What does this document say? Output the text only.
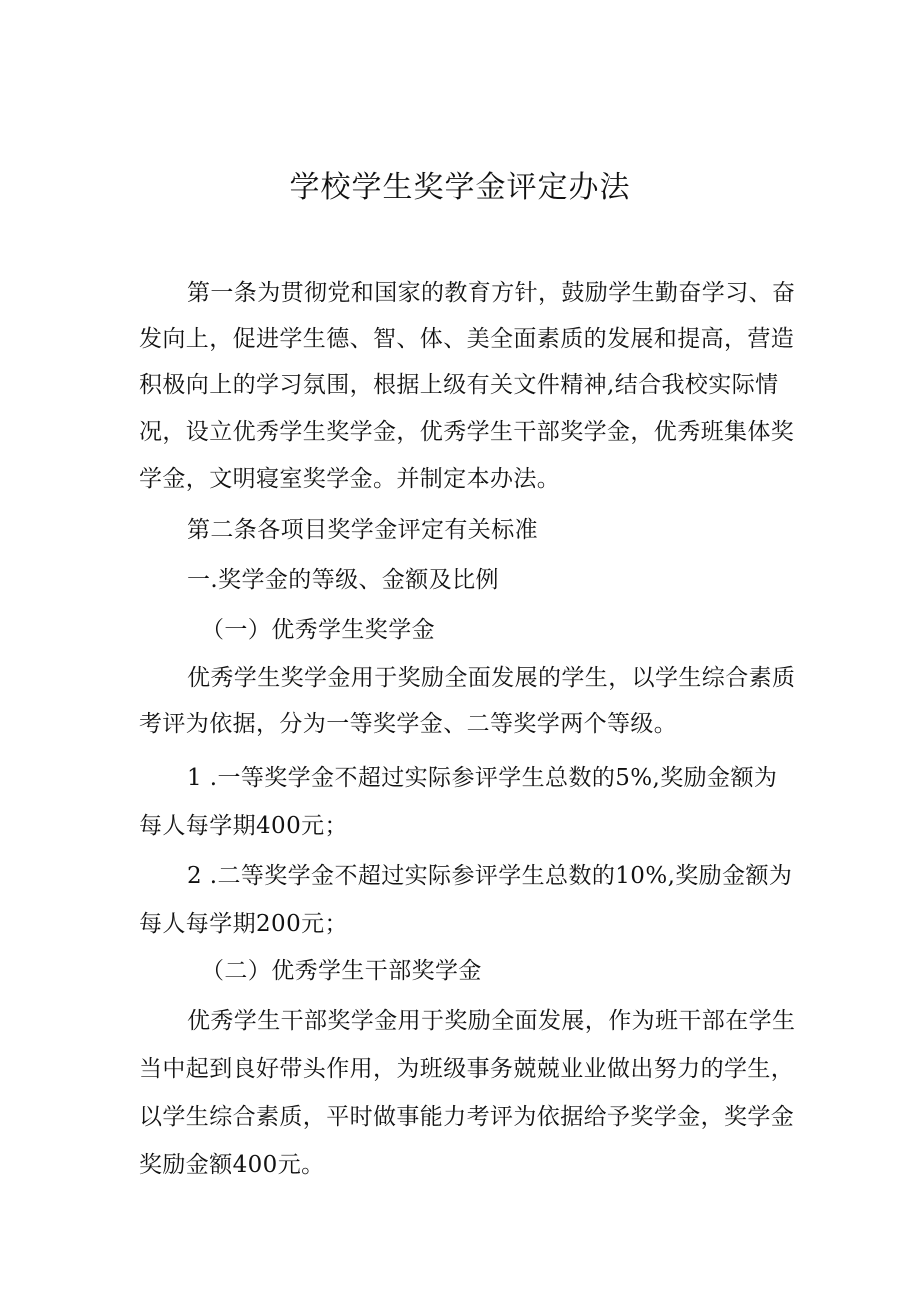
学校学生奖学金评定办法
第一条为贯彻党和国家的教育方针，鼓励学生勤奋学习、奋
发向上，促进学生德、智、体、美全面素质的发展和提高，营造
积极向上的学习氛围，根据上级有关文件精神,结合我校实际情
况，设立优秀学生奖学金，优秀学生干部奖学金，优秀班集体奖
学金，文明寝室奖学金。并制定本办法。
第二条各项目奖学金评定有关标准
一.奖学金的等级、金额及比例
（一）优秀学生奖学金
优秀学生奖学金用于奖励全面发展的学生，以学生综合素质
考评为依据，分为一等奖学金、二等奖学两个等级。
1 .一等奖学金不超过实际参评学生总数的5%,奖励金额为
每人每学期400元；
2 .二等奖学金不超过实际参评学生总数的10%,奖励金额为
每人每学期200元；
（二）优秀学生干部奖学金
优秀学生干部奖学金用于奖励全面发展，作为班干部在学生
当中起到良好带头作用，为班级事务兢兢业业做出努力的学生，
以学生综合素质，平时做事能力考评为依据给予奖学金，奖学金
奖励金额400元。
